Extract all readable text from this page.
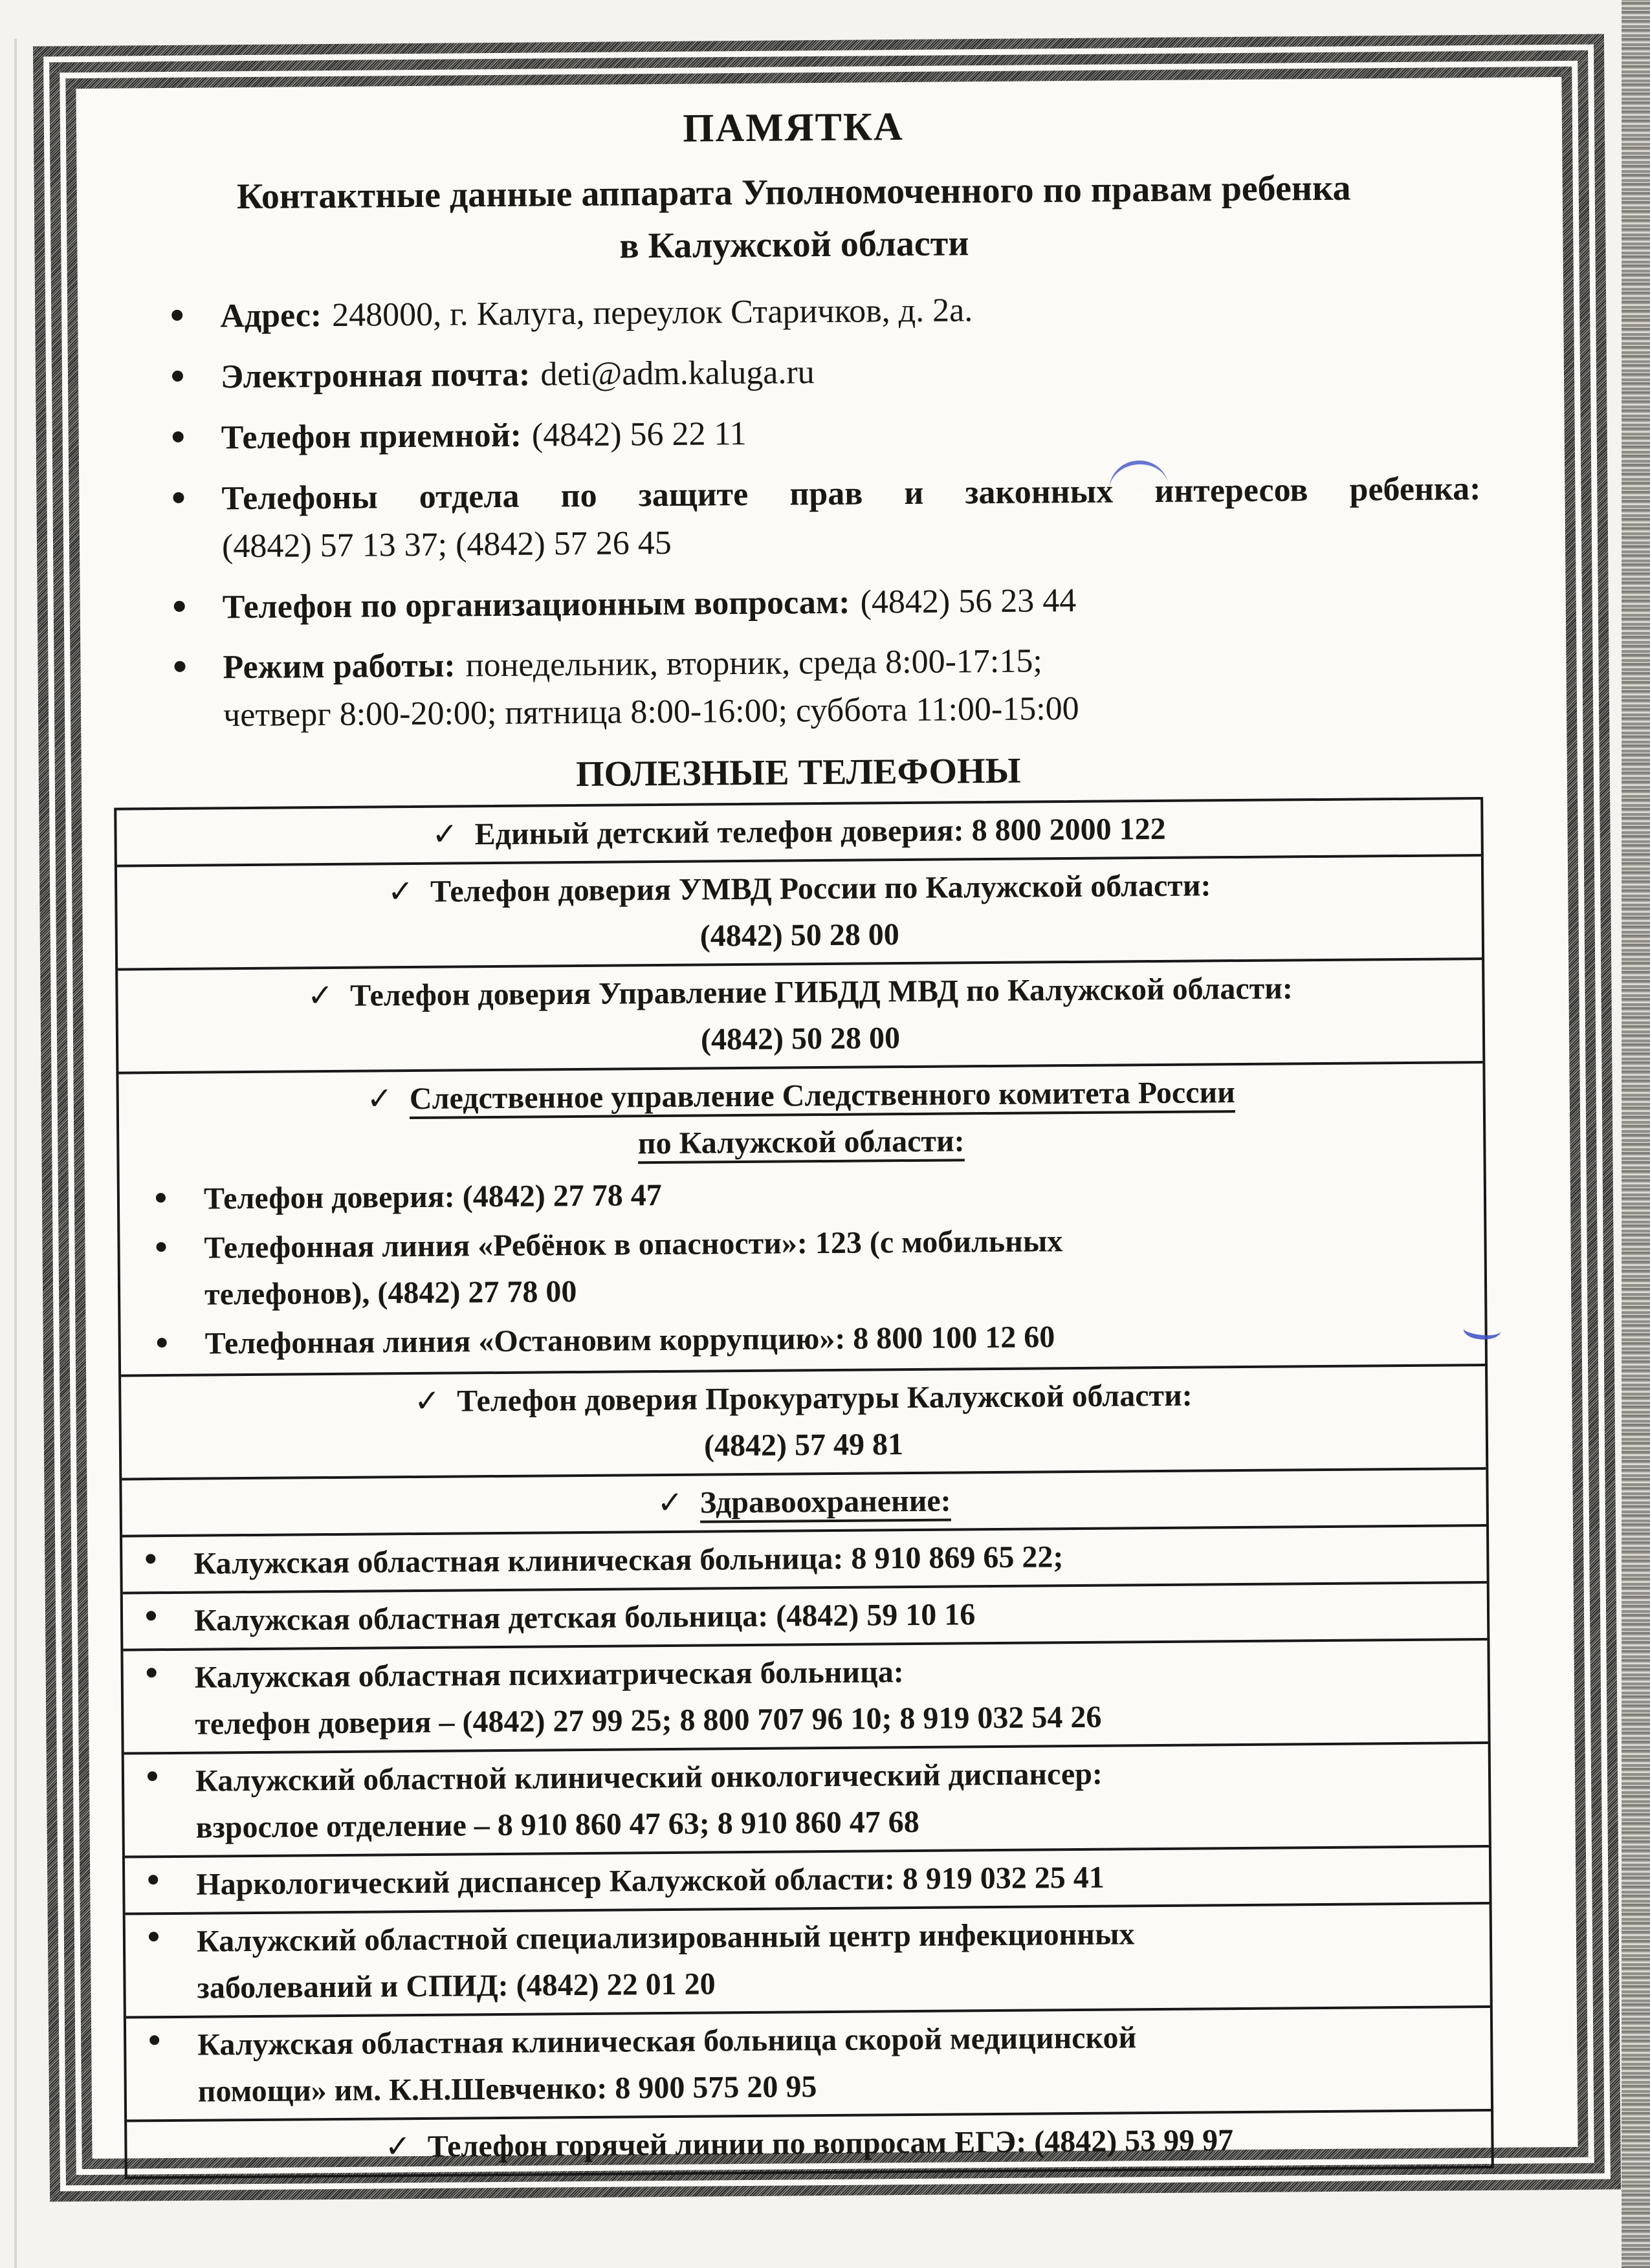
ПАМЯТКА
Контактные данные аппарата Уполномоченного по правам ребенка
в Калужской области
Адрес: 248000, г. Калуга, переулок Старичков, д. 2а.
Электронная почта: deti@adm.kaluga.ru
Телефон приемной: (4842) 56 22 11
Телефоны отдела по защите прав и законных интересов ребенка:
(4842) 57 13 37; (4842) 57 26 45
Телефон по организационным вопросам: (4842) 56 23 44
Режим работы: понедельник, вторник, среда 8:00-17:15;
четверг 8:00-20:00; пятница 8:00-16:00; суббота 11:00-15:00
ПОЛЕЗНЫЕ ТЕЛЕФОНЫ
✓ Единый детский телефон доверия: 8 800 2000 122
✓ Телефон доверия УМВД России по Калужской области:
(4842) 50 28 00
✓ Телефон доверия Управление ГИБДД МВД по Калужской области:
(4842) 50 28 00
✓ Следственное управление Следственного комитета России
по Калужской области:
Телефон доверия: (4842) 27 78 47
Телефонная линия «Ребёнок в опасности»: 123 (с мобильных
телефонов), (4842) 27 78 00
Телефонная линия «Остановим коррупцию»: 8 800 100 12 60
✓ Телефон доверия Прокуратуры Калужской области:
(4842) 57 49 81
✓ Здравоохранение:
Калужская областная клиническая больница: 8 910 869 65 22;
Калужская областная детская больница: (4842) 59 10 16
Калужская областная психиатрическая больница:
телефон доверия – (4842) 27 99 25; 8 800 707 96 10; 8 919 032 54 26
Калужский областной клинический онкологический диспансер:
взрослое отделение – 8 910 860 47 63; 8 910 860 47 68
Наркологический диспансер Калужской области: 8 919 032 25 41
Калужский областной специализированный центр инфекционных
заболеваний и СПИД: (4842) 22 01 20
Калужская областная клиническая больница скорой медицинской
помощи» им. К.Н.Шевченко: 8 900 575 20 95
✓ Телефон горячей линии по вопросам ЕГЭ: (4842) 53 99 97
